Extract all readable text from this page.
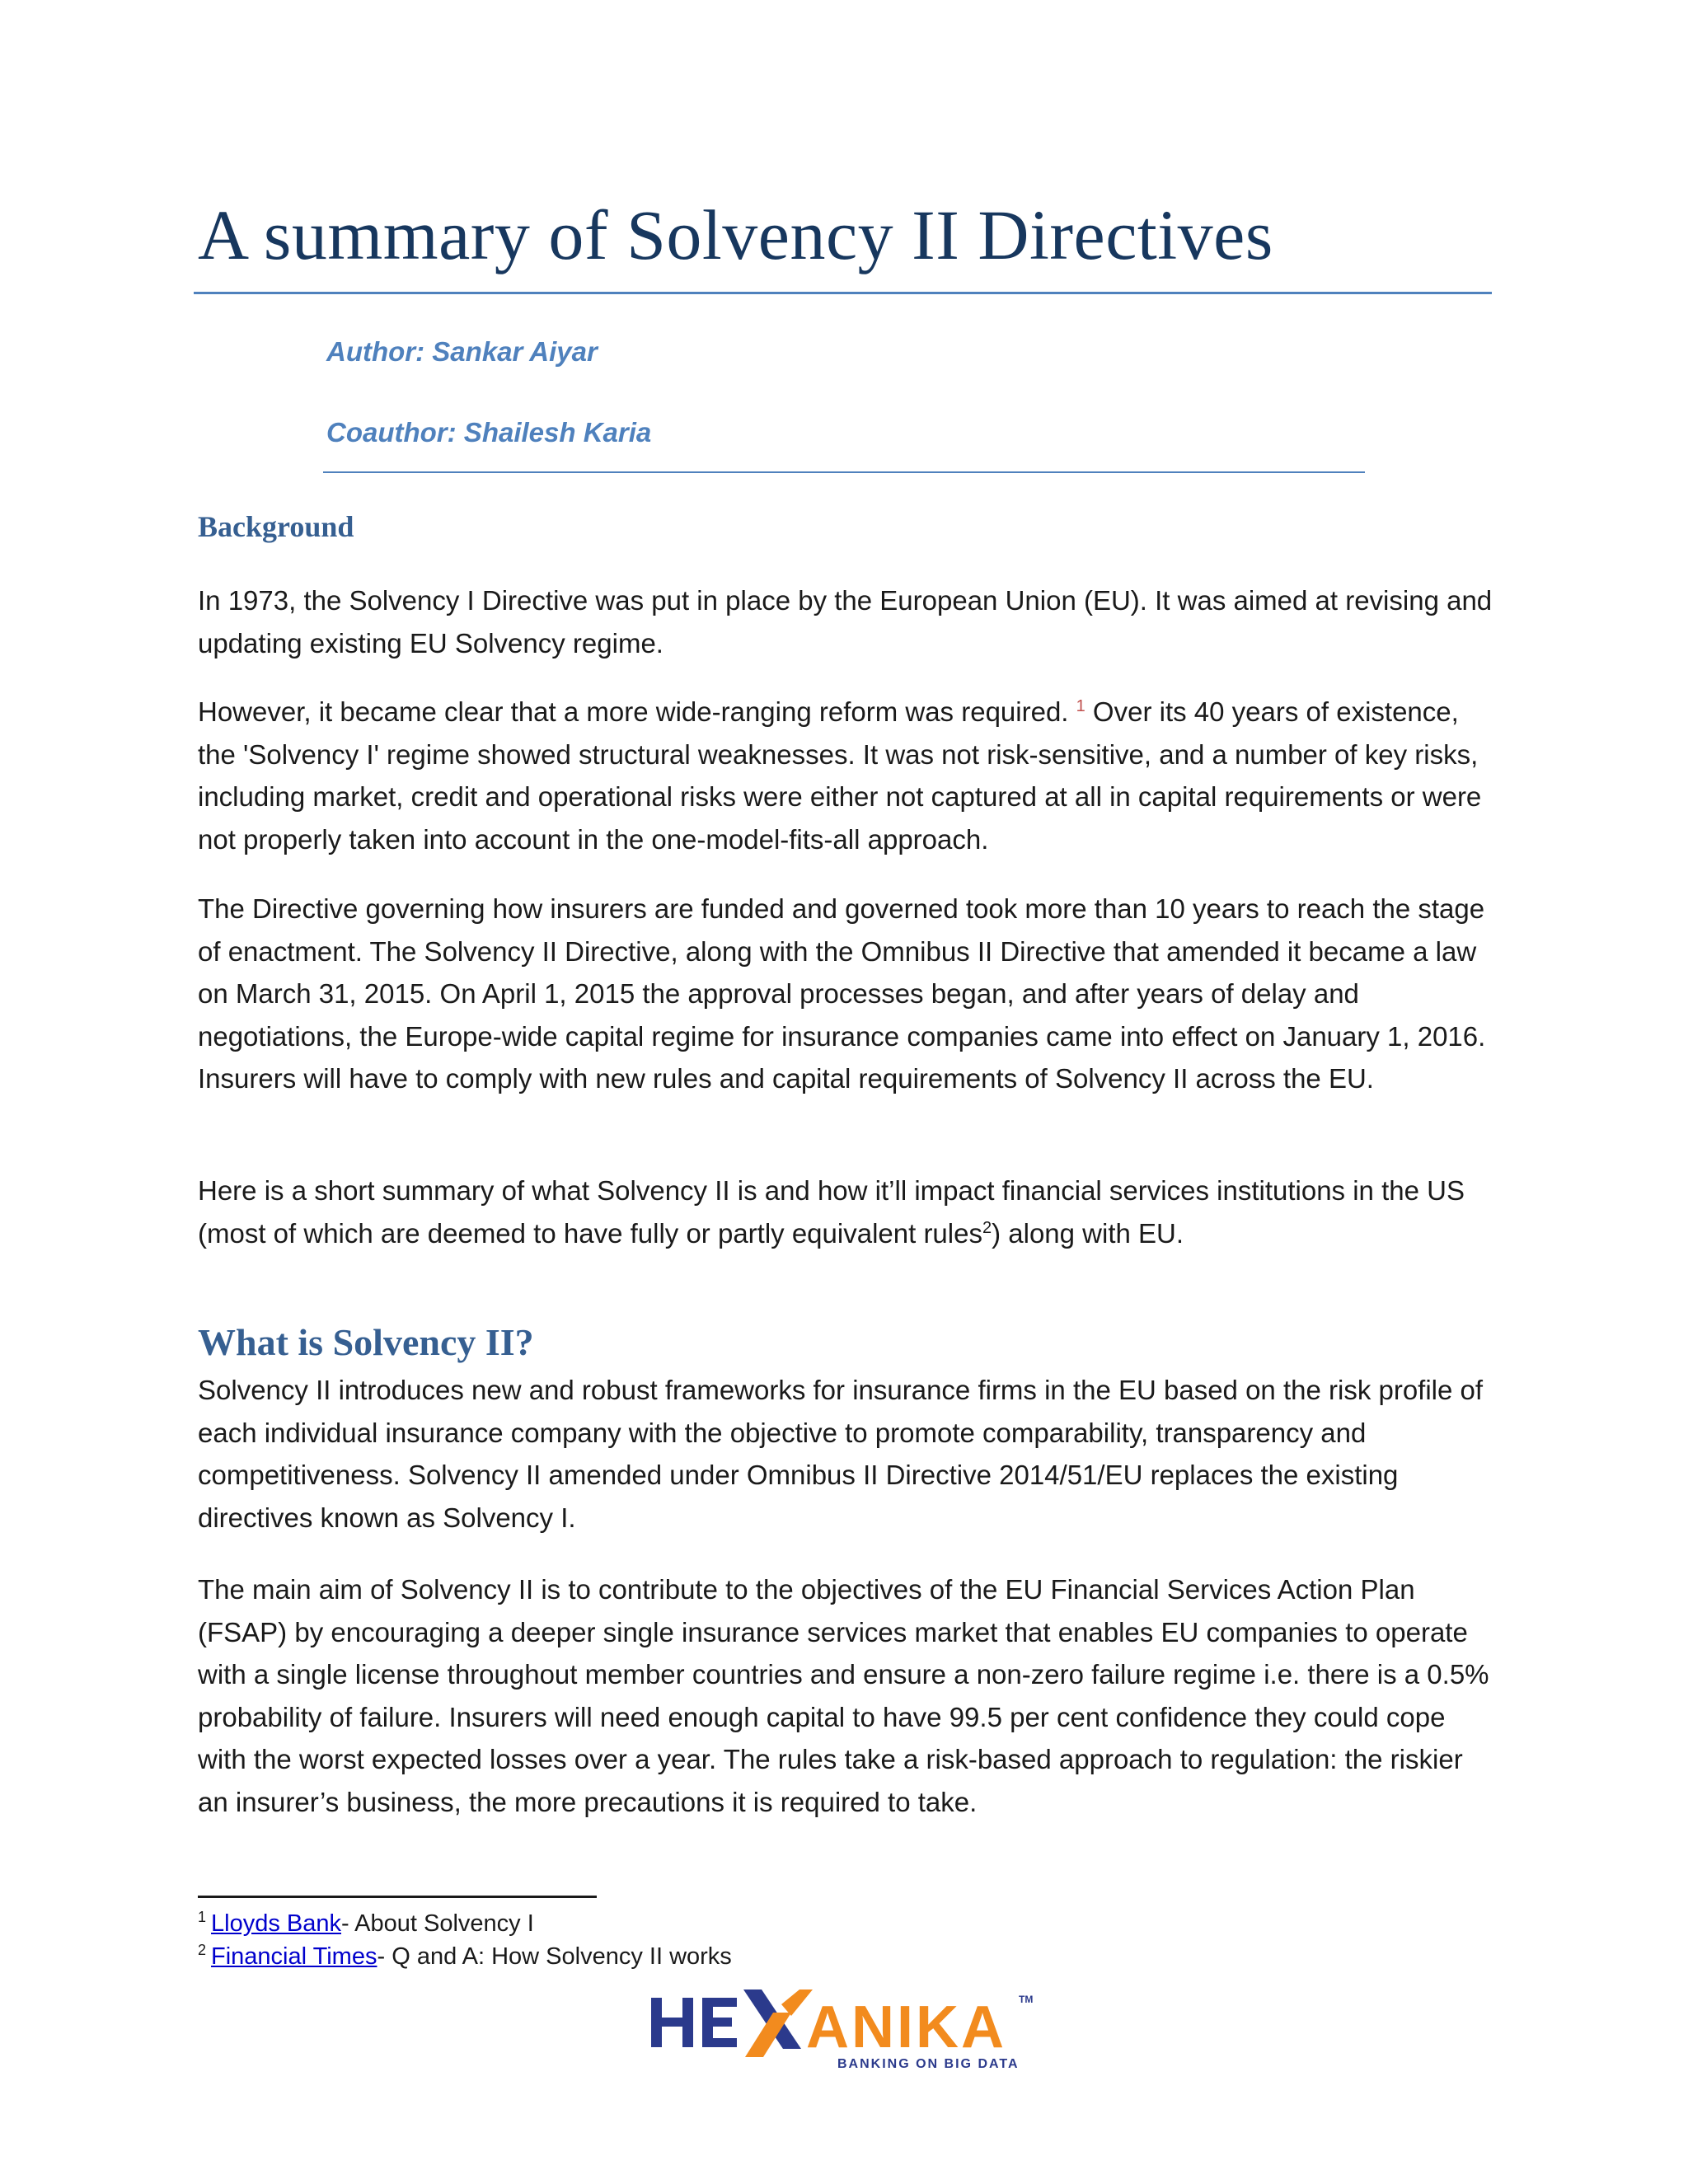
A summary of Solvency II Directives

Author: Sankar Aiyar

Coauthor: Shailesh Karia

Background

In 1973, the Solvency I Directive was put in place by the European Union (EU). It was aimed at revising and updating existing EU Solvency regime.

However, it became clear that a more wide-ranging reform was required. $^1$ Over its 40 years of existence, the 'Solvency I' regime showed structural weaknesses. It was not risk-sensitive, and a number of key risks, including market, credit and operational risks were either not captured at all in capital requirements or were not properly taken into account in the one-model-fits-all approach.

The Directive governing how insurers are funded and governed took more than 10 years to reach the stage of enactment. The Solvency II Directive, along with the Omnibus II Directive that amended it became a law on March 31, 2015. On April 1, 2015 the approval processes began, and after years of delay and negotiations, the Europe-wide capital regime for insurance companies came into effect on January 1, 2016. Insurers will have to comply with new rules and capital requirements of Solvency II across the EU.

Here is a short summary of what Solvency II is and how it’ll impact financial services institutions in the US (most of which are deemed to have fully or partly equivalent rules$^2$) along with EU.

What is Solvency II?

Solvency II introduces new and robust frameworks for insurance firms in the EU based on the risk profile of each individual insurance company with the objective to promote comparability, transparency and competitiveness. Solvency II amended under Omnibus II Directive 2014/51/EU replaces the existing directives known as Solvency I.

The main aim of Solvency II is to contribute to the objectives of the EU Financial Services Action Plan (FSAP) by encouraging a deeper single insurance services market that enables EU companies to operate with a single license throughout member countries and ensure a non-zero failure regime i.e. there is a 0.5% probability of failure. Insurers will need enough capital to have 99.5 per cent confidence they could cope with the worst expected losses over a year. The rules take a risk-based approach to regulation: the riskier an insurer’s business, the more precautions it is required to take.

$^1$ Lloyds Bank- About Solvency I

$^2$ Financial Times- Q and A: How Solvency II works

ANIKA TM
BANKING ON BIG DATA
